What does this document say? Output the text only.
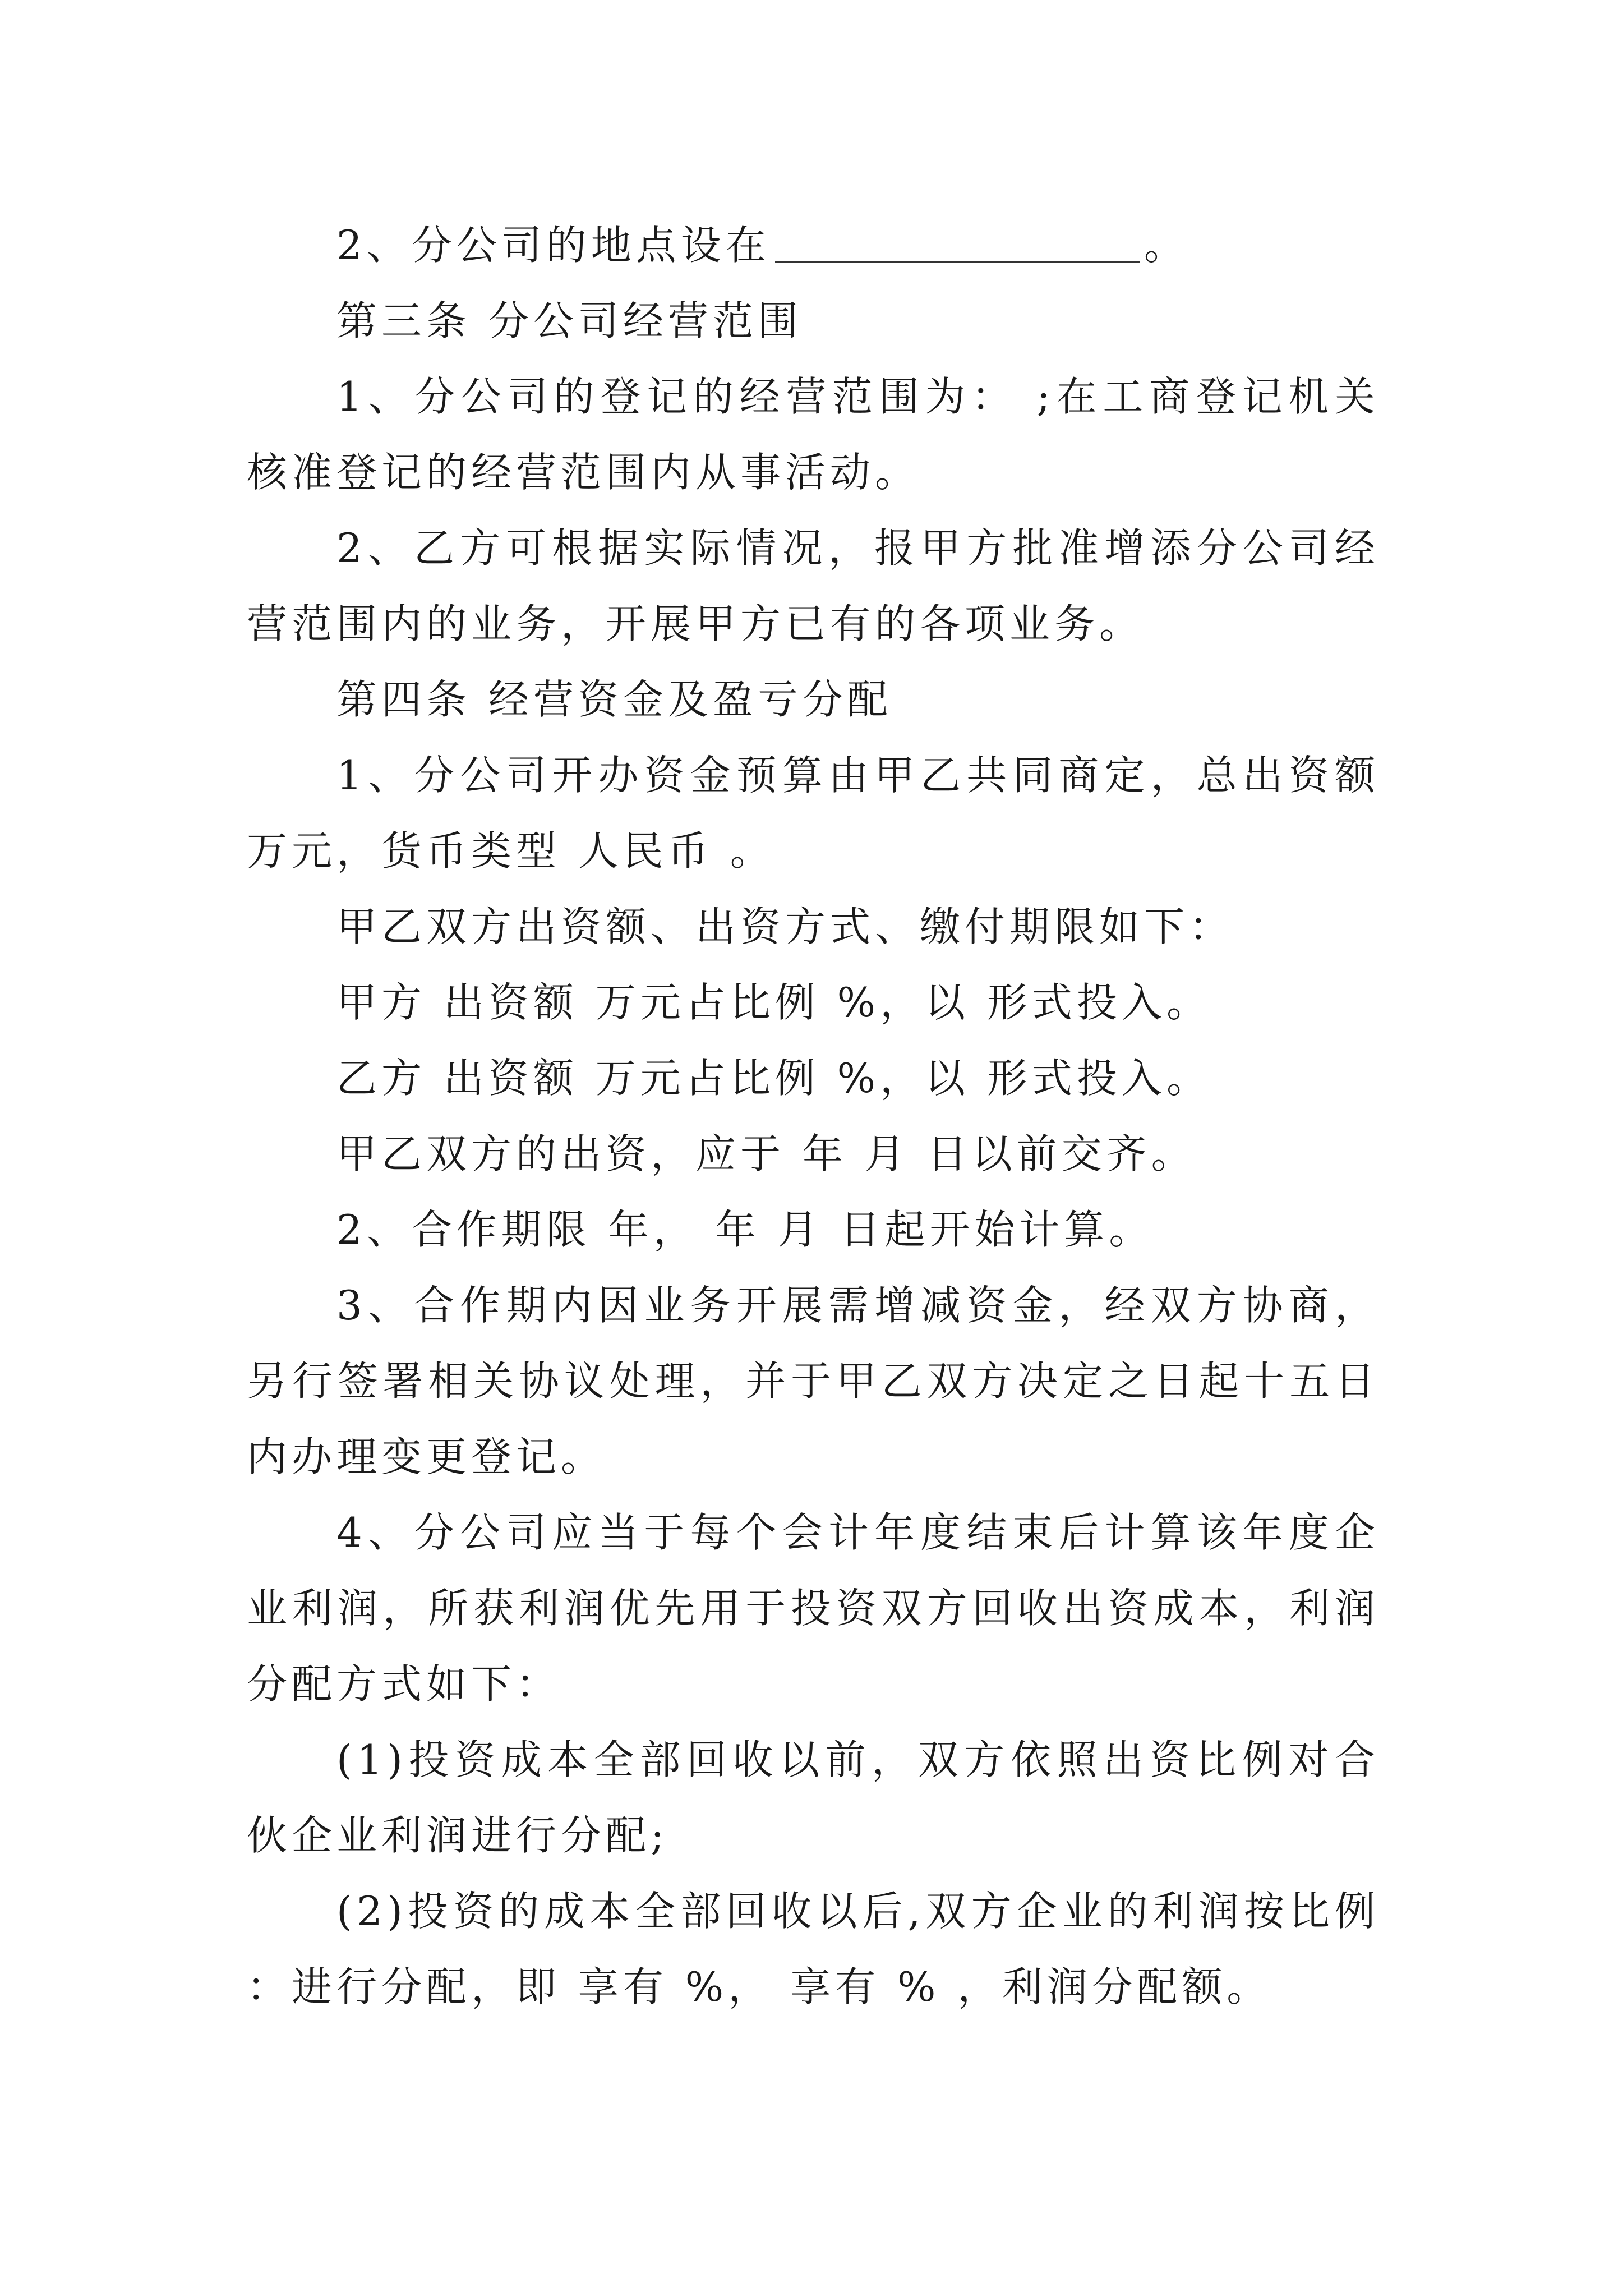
2、分公司的地点设在	。

第三条 分公司经营范围

1、分公司的登记的经营范围为： ;在工商登记机关核准登记的经营范围内从事活动。

2、乙方可根据实际情况，报甲方批准增添分公司经营范围内的业务，开展甲方已有的各项业务。

第四条 经营资金及盈亏分配

1、分公司开办资金预算由甲乙共同商定，总出资额 万元，货币类型 人民币 。

甲乙双方出资额、出资方式、缴付期限如下：

甲方 出资额 万元占比例 %，以 形式投入。

乙方 出资额 万元占比例 %，以 形式投入。

甲乙双方的出资，应于 年 月 日以前交齐。

2、合作期限 年， 年 月 日起开始计算。

3、合作期内因业务开展需增减资金，经双方协商，另行签署相关协议处理，并于甲乙双方决定之日起十五日内办理变更登记。

4、分公司应当于每个会计年度结束后计算该年度企业利润，所获利润优先用于投资双方回收出资成本，利润分配方式如下：

(1)投资成本全部回收以前，双方依照出资比例对合伙企业利润进行分配;

(2)投资的成本全部回收以后,双方企业的利润按比例 ：进行分配，即 享有 %， 享有 % ，利润分配额。
